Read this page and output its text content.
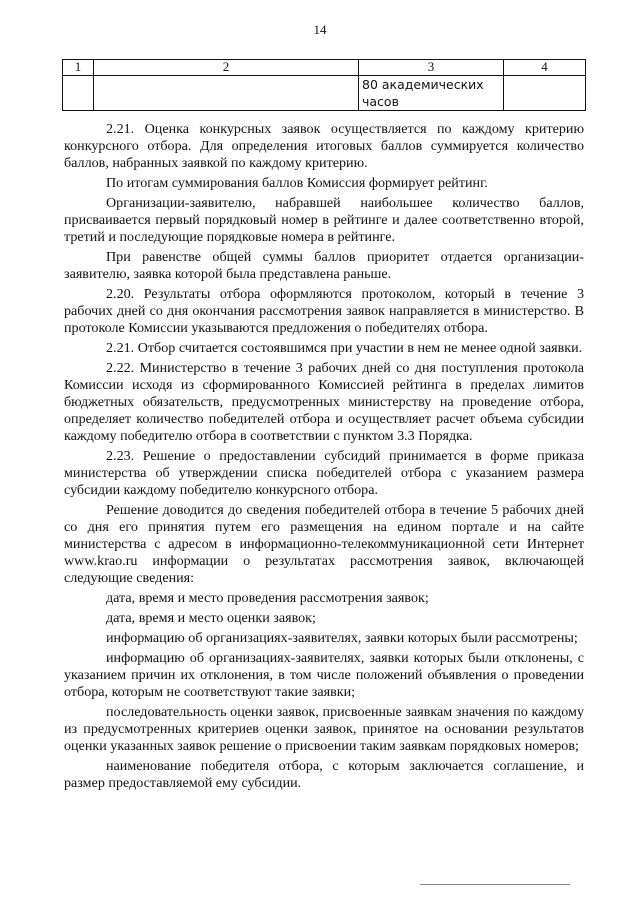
14
1	2	3	4
		80 академических часов	

2.21. Оценка конкурсных заявок осуществляется по каждому критерию конкурсного отбора. Для определения итоговых баллов суммируется количество баллов, набранных заявкой по каждому критерию.

По итогам суммирования баллов Комиссия формирует рейтинг.

Организации-заявителю, набравшей наибольшее количество баллов, присваивается первый порядковый номер в рейтинге и далее соответственно второй, третий и последующие порядковые номера в рейтинге.

При равенстве общей суммы баллов приоритет отдается организации-заявителю, заявка которой была представлена раньше.

2.20. Результаты отбора оформляются протоколом, который в течение 3 рабочих дней со дня окончания рассмотрения заявок направляется в министерство. В протоколе Комиссии указываются предложения о победителях отбора.

2.21. Отбор считается состоявшимся при участии в нем не менее одной заявки.

2.22. Министерство в течение 3 рабочих дней со дня поступления протокола Комиссии исходя из сформированного Комиссией рейтинга в пределах лимитов бюджетных обязательств, предусмотренных министерству на проведение отбора, определяет количество победителей отбора и осуществляет расчет объема субсидии каждому победителю отбора в соответствии с пунктом 3.3 Порядка.

2.23. Решение о предоставлении субсидий принимается в форме приказа министерства об утверждении списка победителей отбора с указанием размера субсидии каждому победителю конкурсного отбора.

Решение доводится до сведения победителей отбора в течение 5 рабочих дней со дня его принятия путем его размещения на едином портале и на сайте министерства с адресом в информационно-телекоммуникационной сети Интернет www.krao.ru информации о результатах рассмотрения заявок, включающей следующие сведения:

дата, время и место проведения рассмотрения заявок;

дата, время и место оценки заявок;

информацию об организациях-заявителях, заявки которых были рассмотрены;

информацию об организациях-заявителях, заявки которых были отклонены, с указанием причин их отклонения, в том числе положений объявления о проведении отбора, которым не соответствуют такие заявки;

последовательность оценки заявок, присвоенные заявкам значения по каждому из предусмотренных критериев оценки заявок, принятое на основании результатов оценки указанных заявок решение о присвоении таким заявкам порядковых номеров;

наименование победителя отбора, с которым заключается соглашение, и размер предоставляемой ему субсидии.
